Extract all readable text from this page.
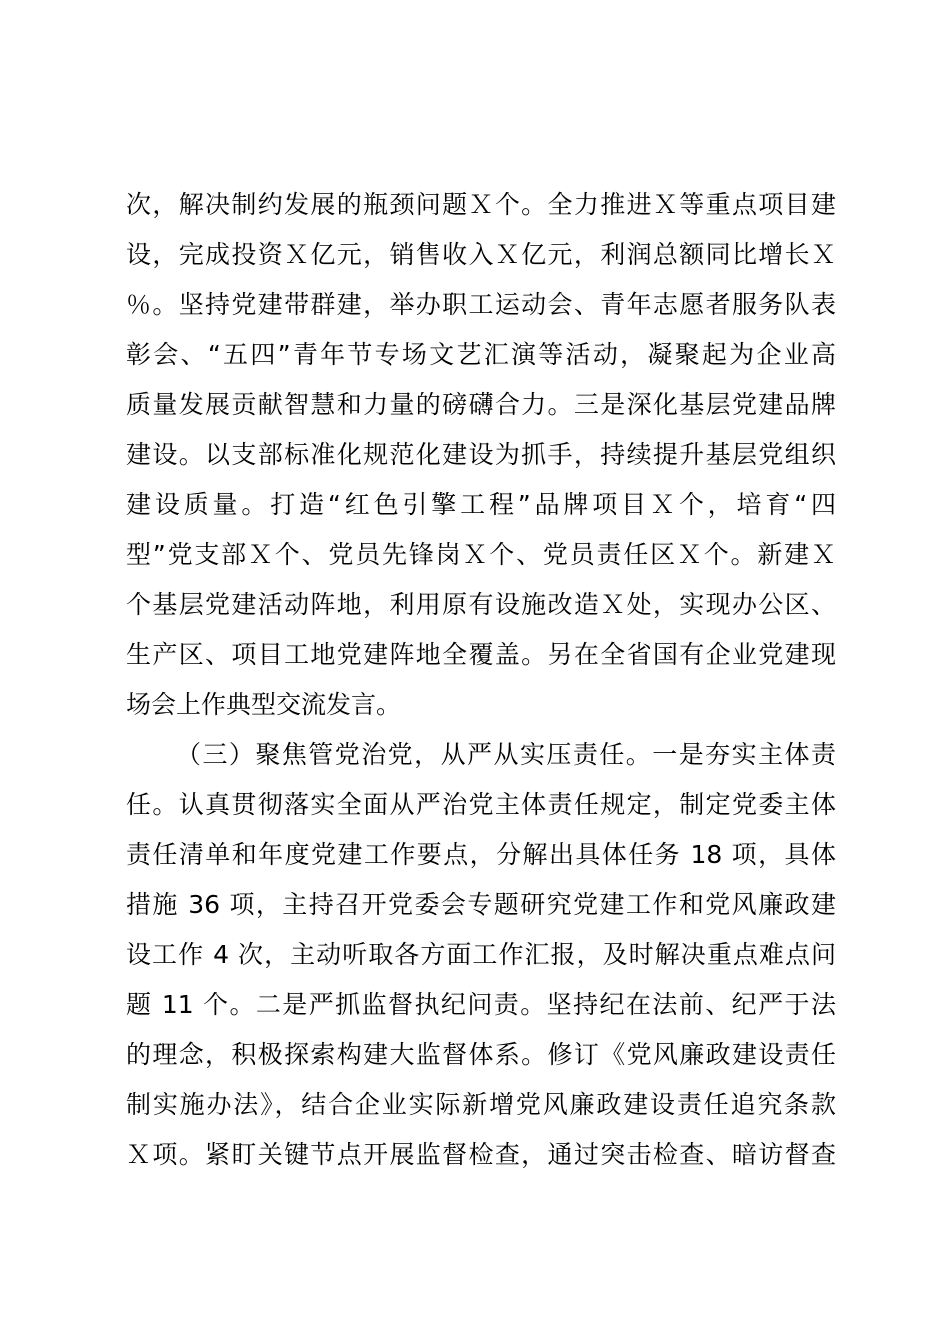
次，解决制约发展的瓶颈问题Ｘ个。全力推进Ｘ等重点项目建
设，完成投资Ｘ亿元，销售收入Ｘ亿元，利润总额同比增长Ｘ
％。坚持党建带群建，举办职工运动会、青年志愿者服务队表
彰会、“五四”青年节专场文艺汇演等活动，凝聚起为企业高
质量发展贡献智慧和力量的磅礴合力。三是深化基层党建品牌
建设。以支部标准化规范化建设为抓手，持续提升基层党组织
建设质量。打造“红色引擎工程”品牌项目Ｘ个，培育“四
型”党支部Ｘ个、党员先锋岗Ｘ个、党员责任区Ｘ个。新建Ｘ
个基层党建活动阵地，利用原有设施改造Ｘ处，实现办公区、
生产区、项目工地党建阵地全覆盖。另在全省国有企业党建现
场会上作典型交流发言。
（三）聚焦管党治党，从严从实压责任。一是夯实主体责
任。认真贯彻落实全面从严治党主体责任规定，制定党委主体
责任清单和年度党建工作要点，分解出具体任务 18 项，具体
措施 36 项，主持召开党委会专题研究党建工作和党风廉政建
设工作 4 次，主动听取各方面工作汇报，及时解决重点难点问
题 11 个。二是严抓监督执纪问责。坚持纪在法前、纪严于法
的理念，积极探索构建大监督体系。修订《党风廉政建设责任
制实施办法》，结合企业实际新增党风廉政建设责任追究条款
Ｘ项。紧盯关键节点开展监督检查，通过突击检查、暗访督查
